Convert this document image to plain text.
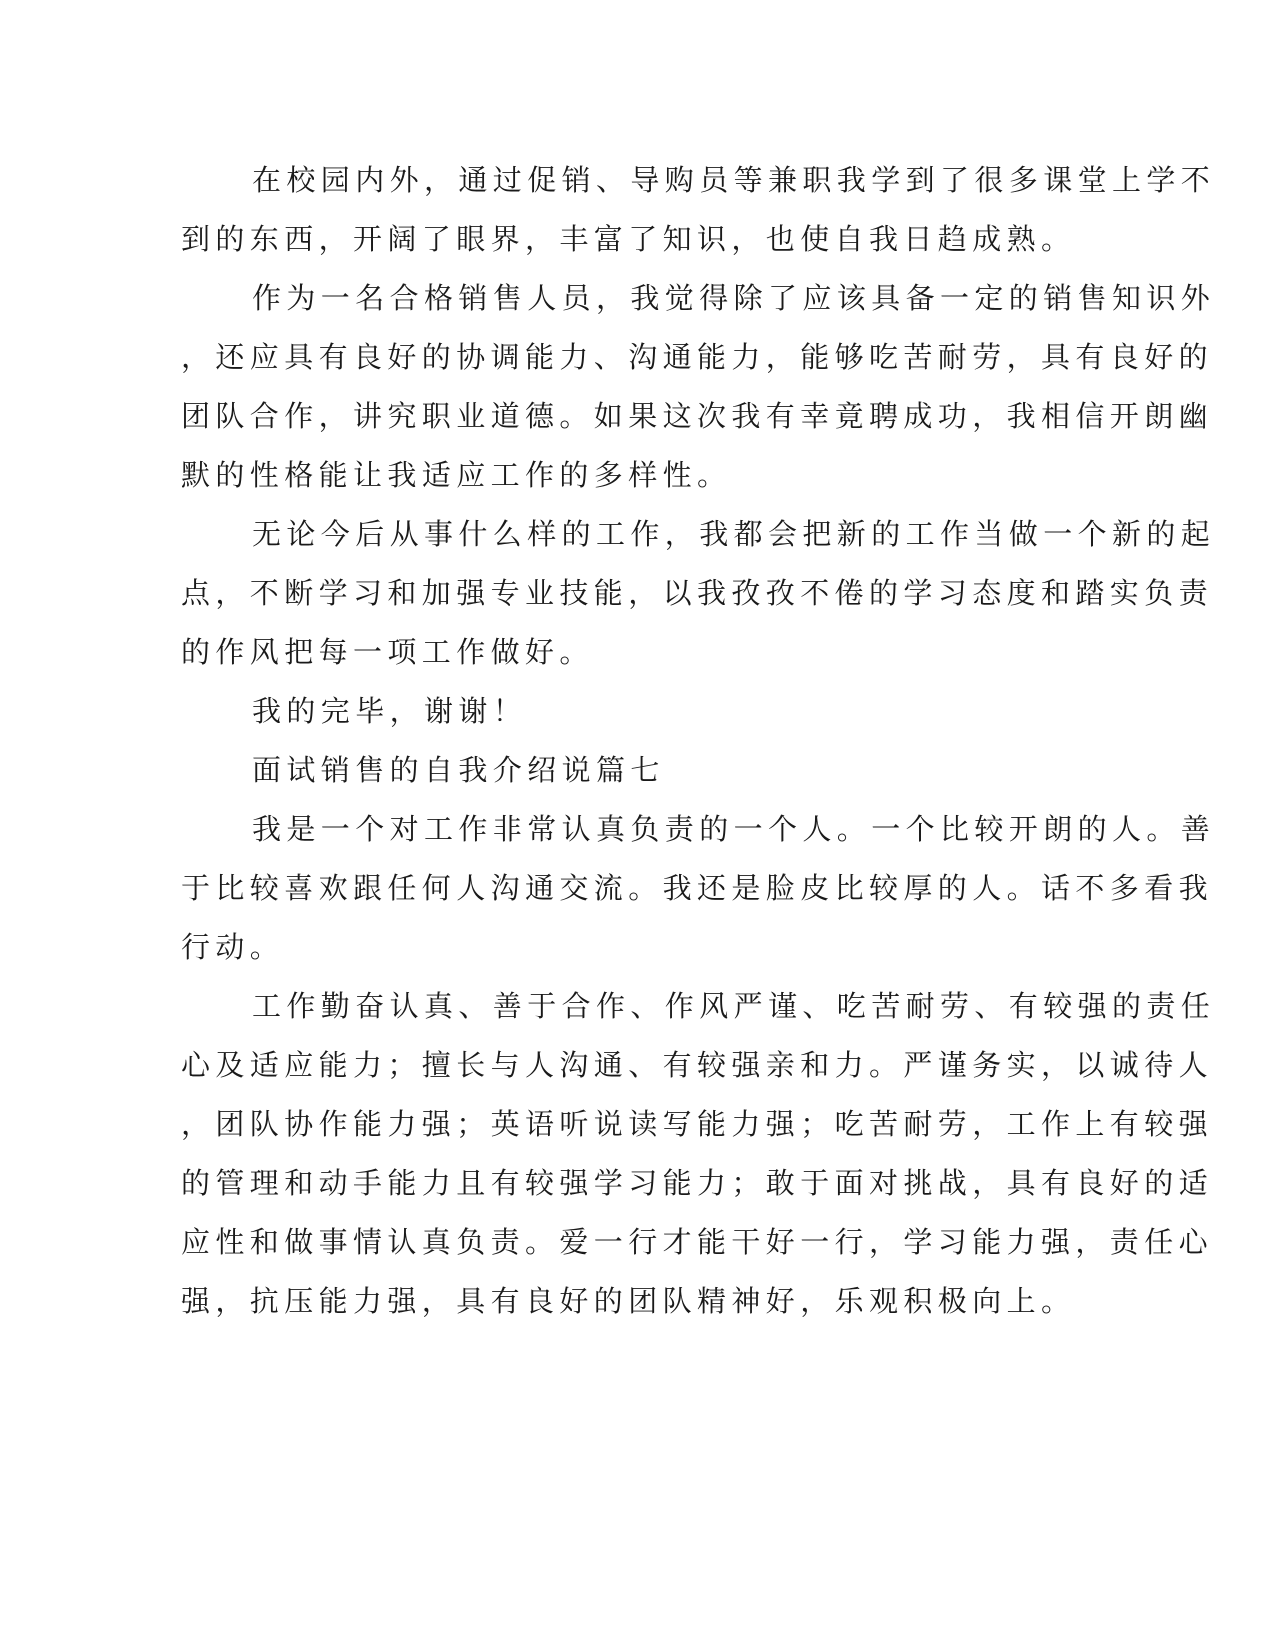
在校园内外，通过促销、导购员等兼职我学到了很多课堂上学不

到的东西，开阔了眼界，丰富了知识，也使自我日趋成熟。

作为一名合格销售人员，我觉得除了应该具备一定的销售知识外

，还应具有良好的协调能力、沟通能力，能够吃苦耐劳，具有良好的

团队合作，讲究职业道德。如果这次我有幸竟聘成功，我相信开朗幽

默的性格能让我适应工作的多样性。

无论今后从事什么样的工作，我都会把新的工作当做一个新的起

点，不断学习和加强专业技能，以我孜孜不倦的学习态度和踏实负责

的作风把每一项工作做好。

我的完毕，谢谢！

面试销售的自我介绍说篇七

我是一个对工作非常认真负责的一个人。一个比较开朗的人。善

于比较喜欢跟任何人沟通交流。我还是脸皮比较厚的人。话不多看我

行动。

工作勤奋认真、善于合作、作风严谨、吃苦耐劳、有较强的责任

心及适应能力；擅长与人沟通、有较强亲和力。严谨务实，以诚待人

，团队协作能力强；英语听说读写能力强；吃苦耐劳，工作上有较强

的管理和动手能力且有较强学习能力；敢于面对挑战，具有良好的适

应性和做事情认真负责。爱一行才能干好一行，学习能力强，责任心

强，抗压能力强，具有良好的团队精神好，乐观积极向上。
